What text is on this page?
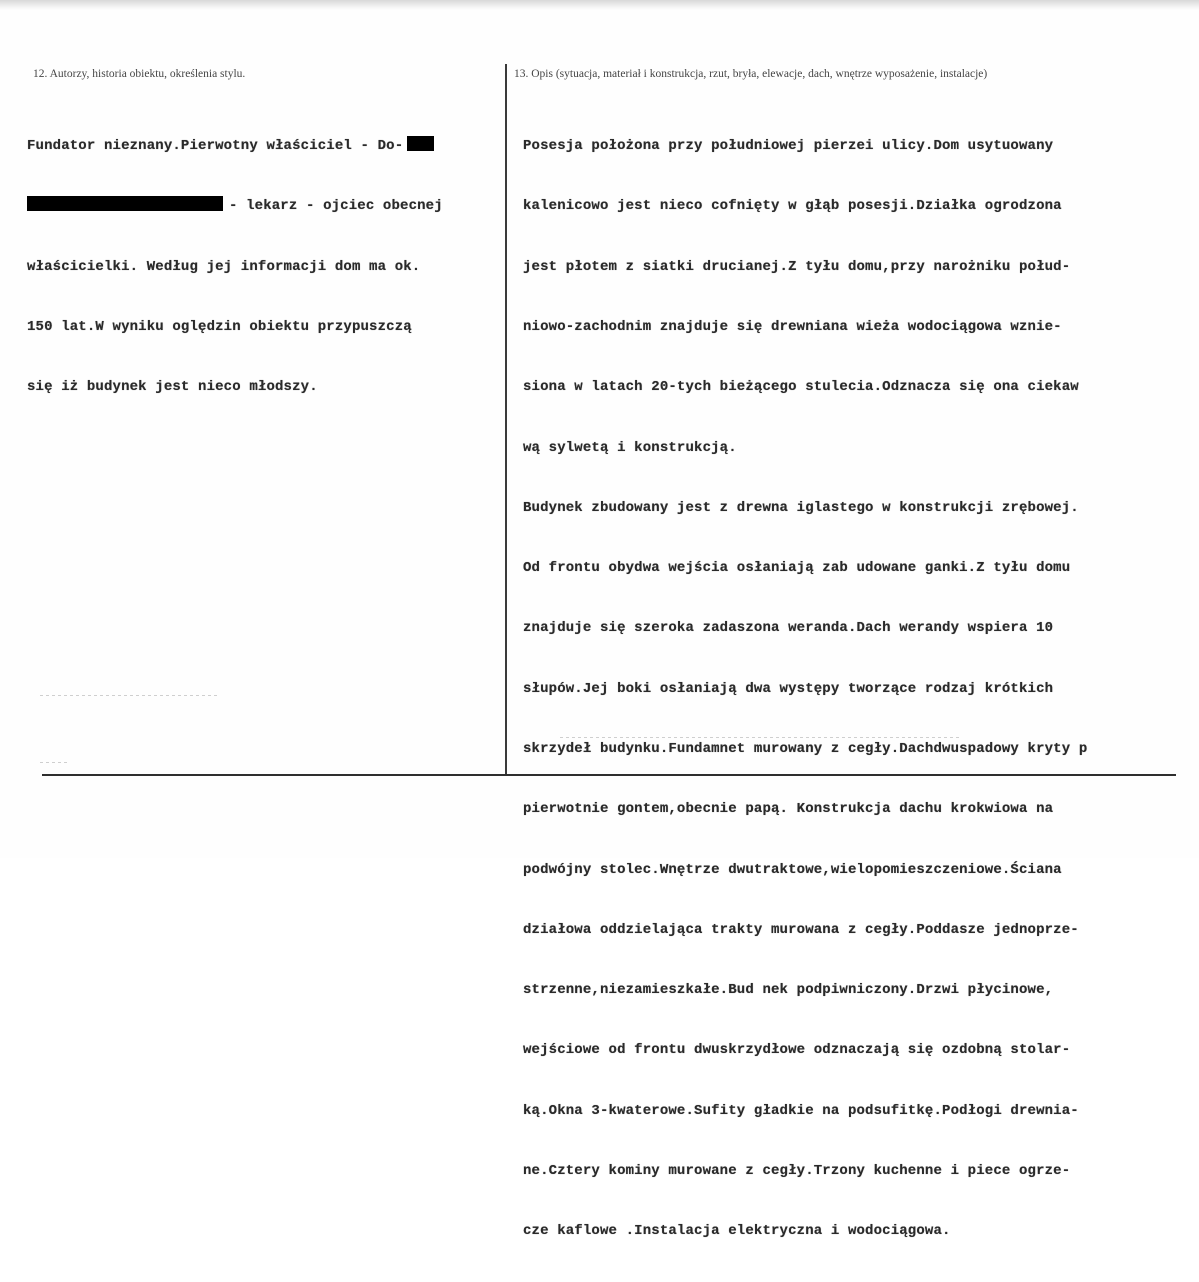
12. Autorzy, historia obiektu, określenia stylu.	13. Opis (sytuacja, materiał i konstrukcja, rzut, bryła, elewacje, dach, wnętrze wyposażenie, instalacje)

Fundator nieznany.Pierwotny właściciel - Do-

- lekarz - ojciec obecnej

właścicielki. Według jej informacji dom ma ok.

150 lat.W wyniku oględzin obiektu przypuszczą

się iż budynek jest nieco młodszy.

Posesja położona przy południowej pierzei ulicy.Dom usytuowany

kalenicowo jest nieco cofnięty w głąb posesji.Działka ogrodzona

jest płotem z siatki drucianej.Z tyłu domu,przy narożniku połud-

niowo-zachodnim znajduje się drewniana wieża wodociągowa wznie-

siona w latach 20-tych bieżącego stulecia.Odznacza się ona ciekaw

wą sylwetą i konstrukcją.

Budynek zbudowany jest z drewna iglastego w konstrukcji zrębowej.

Od frontu obydwa wejścia osłaniają zab udowane ganki.Z tyłu domu

znajduje się szeroka zadaszona weranda.Dach werandy wspiera 10

słupów.Jej boki osłaniają dwa występy tworzące rodzaj krótkich

skrzydeł budynku.Fundamnet murowany z cegły.Dachdwuspadowy kryty p

pierwotnie gontem,obecnie papą. Konstrukcja dachu krokwiowa na

podwójny stolec.Wnętrze dwutraktowe,wielopomieszczeniowe.Ściana

działowa oddzielająca trakty murowana z cegły.Poddasze jednoprze-

strzenne,niezamieszkałe.Bud nek podpiwniczony.Drzwi płycinowe,

wejściowe od frontu dwuskrzydłowe odznaczają się ozdobną stolar-

ką.Okna 3-kwaterowe.Sufity gładkie na podsufitkę.Podłogi drewnia-

ne.Cztery kominy murowane z cegły.Trzony kuchenne i piece ogrze-

cze kaflowe .Instalacja elektryczna i wodociągowa.
